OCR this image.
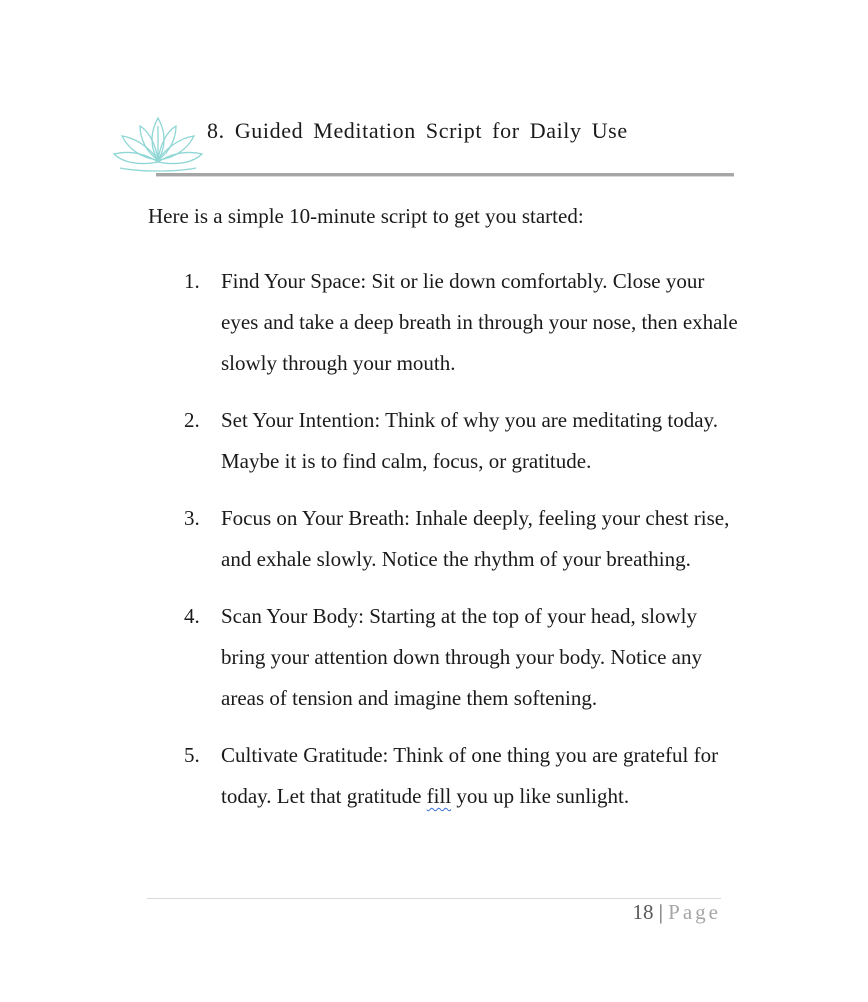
8. Guided Meditation Script for Daily Use

Here is a simple 10-minute script to get you started:

1. Find Your Space: Sit or lie down comfortably. Close your eyes and take a deep breath in through your nose, then exhale slowly through your mouth.
2. Set Your Intention: Think of why you are meditating today. Maybe it is to find calm, focus, or gratitude.
3. Focus on Your Breath: Inhale deeply, feeling your chest rise, and exhale slowly. Notice the rhythm of your breathing.
4. Scan Your Body: Starting at the top of your head, slowly bring your attention down through your body. Notice any areas of tension and imagine them softening.
5. Cultivate Gratitude: Think of one thing you are grateful for today. Let that gratitude fill you up like sunlight.
18 | Page
